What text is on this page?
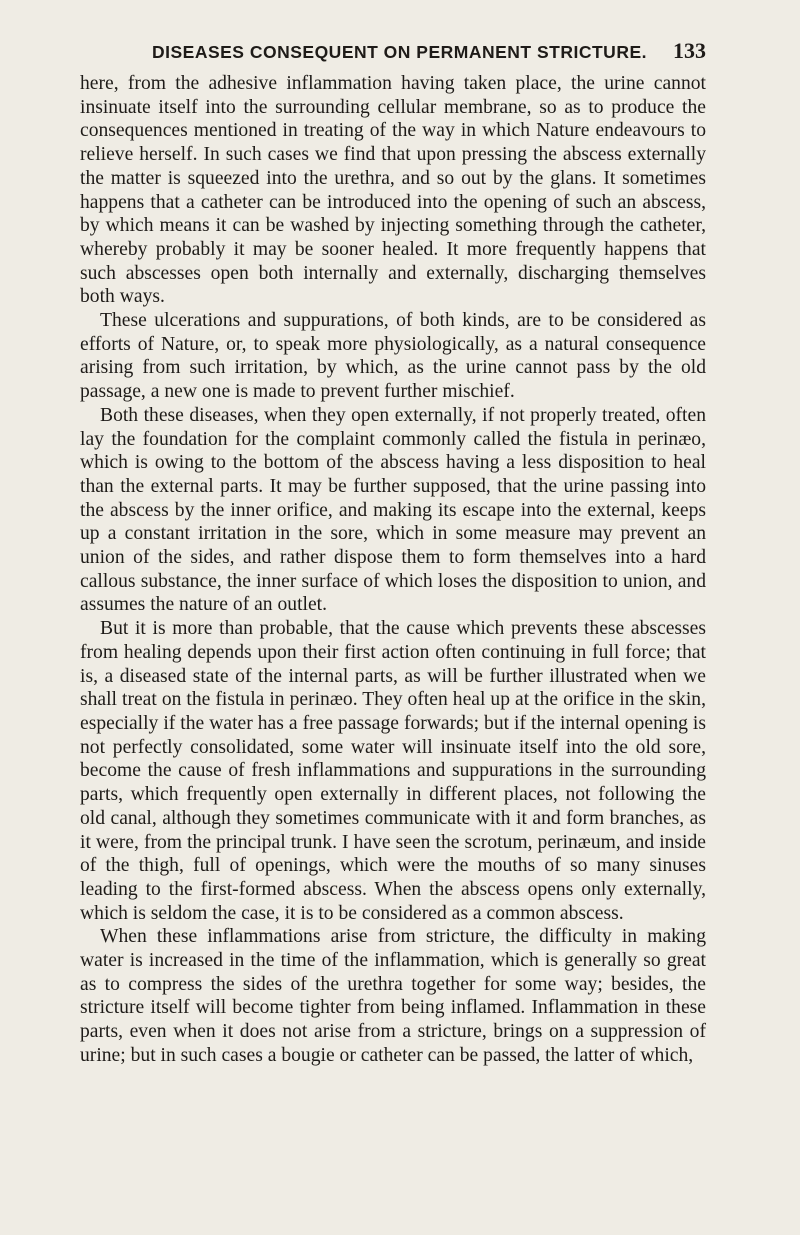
DISEASES CONSEQUENT ON PERMANENT STRICTURE. 133

here, from the adhesive inflammation having taken place, the urine cannot insinuate itself into the surrounding cellular membrane, so as to produce the consequences mentioned in treating of the way in which Nature endeavours to relieve herself. In such cases we find that upon pressing the abscess externally the matter is squeezed into the urethra, and so out by the glans. It sometimes happens that a catheter can be introduced into the opening of such an abscess, by which means it can be washed by injecting something through the catheter, whereby probably it may be sooner healed. It more frequently happens that such abscesses open both internally and externally, discharging themselves both ways.

These ulcerations and suppurations, of both kinds, are to be considered as efforts of Nature, or, to speak more physiologically, as a natural consequence arising from such irritation, by which, as the urine cannot pass by the old passage, a new one is made to prevent further mischief.

Both these diseases, when they open externally, if not properly treated, often lay the foundation for the complaint commonly called the fistula in perinæo, which is owing to the bottom of the abscess having a less disposition to heal than the external parts. It may be further supposed, that the urine passing into the abscess by the inner orifice, and making its escape into the external, keeps up a constant irritation in the sore, which in some measure may prevent an union of the sides, and rather dispose them to form themselves into a hard callous substance, the inner surface of which loses the disposition to union, and assumes the nature of an outlet.

But it is more than probable, that the cause which prevents these abscesses from healing depends upon their first action often continuing in full force; that is, a diseased state of the internal parts, as will be further illustrated when we shall treat on the fistula in perinæo. They often heal up at the orifice in the skin, especially if the water has a free passage forwards; but if the internal opening is not perfectly consolidated, some water will insinuate itself into the old sore, become the cause of fresh inflammations and suppurations in the surrounding parts, which frequently open externally in different places, not following the old canal, although they sometimes communicate with it and form branches, as it were, from the principal trunk. I have seen the scrotum, perinæum, and inside of the thigh, full of openings, which were the mouths of so many sinuses leading to the first-formed abscess. When the abscess opens only externally, which is seldom the case, it is to be considered as a common abscess.

When these inflammations arise from stricture, the difficulty in making water is increased in the time of the inflammation, which is generally so great as to compress the sides of the urethra together for some way; besides, the stricture itself will become tighter from being inflamed. Inflammation in these parts, even when it does not arise from a stricture, brings on a suppression of urine; but in such cases a bougie or catheter can be passed, the latter of which,
